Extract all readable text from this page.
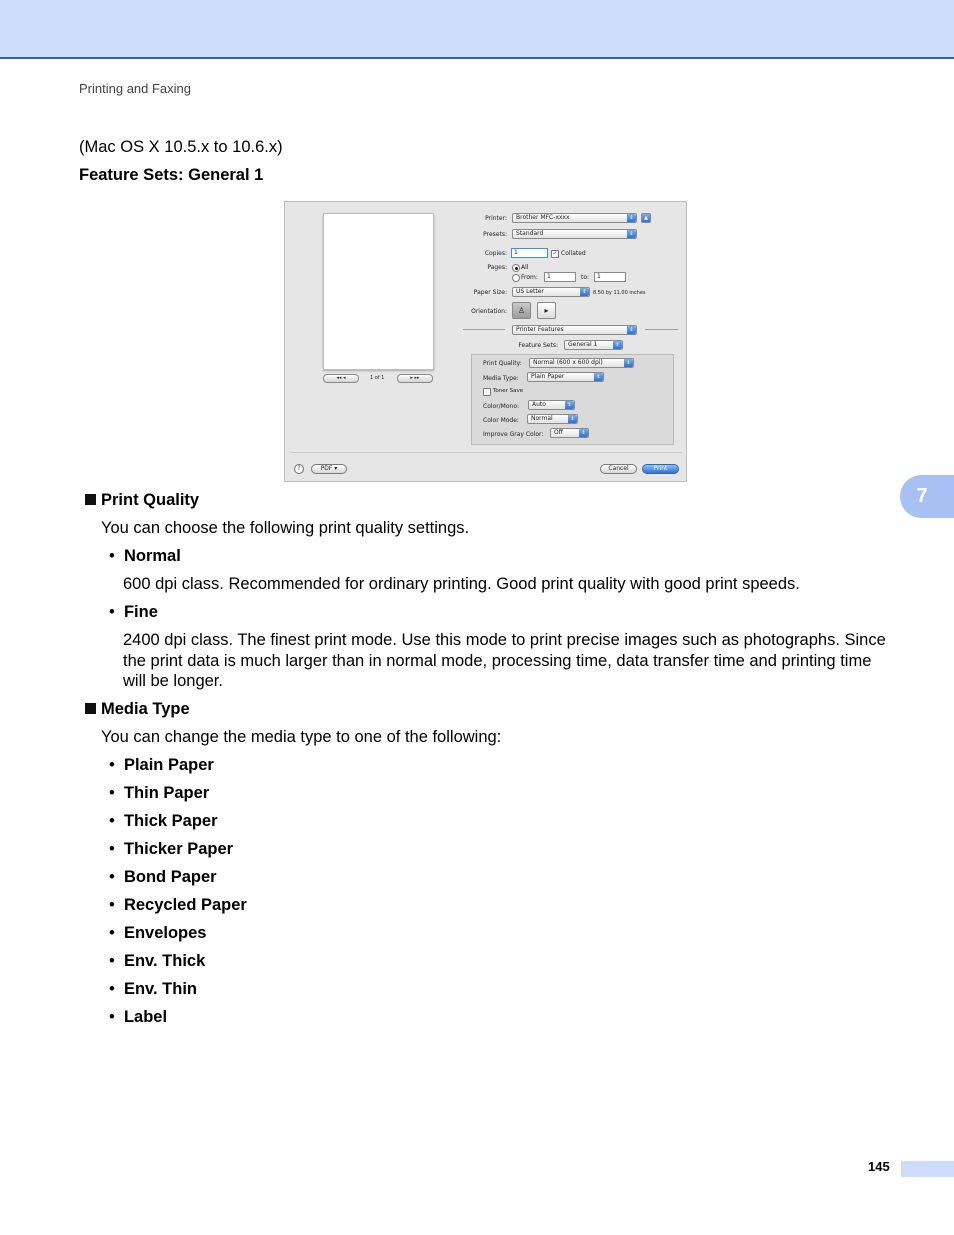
Printing and Faxing
(Mac OS X 10.5.x to 10.6.x)
Feature Sets: General 1
◂◂ ◂	1 of 1	▸ ▸▸
Printer:	Brother MFC-xxxx	⇕	▲
Presets:	Standard	⇕
Copies:	1	✓ Collated
Pages: All
From:	1	to:	1
Paper Size:	US Letter	⇕	8.50 by 11.00 inches
Orientation:	♙	▸
Printer Features	⇕
Feature Sets:	General 1	⇕
Print Quality:	Normal (600 x 600 dpi)	⇕
Media Type:	Plain Paper	⇕
Toner Save
Color/Mono:	Auto	⇕
Color Mode:	Normal	⇕
Improve Gray Color:	Off	⇕
?	PDF ▾	Cancel	Print
Print Quality
You can choose the following print quality settings.
•  Normal
600 dpi class. Recommended for ordinary printing. Good print quality with good print speeds.
•  Fine
2400 dpi class. The finest print mode. Use this mode to print precise images such as photographs. Since the print data is much larger than in normal mode, processing time, data transfer time and printing time will be longer.
Media Type
You can change the media type to one of the following:
•  Plain Paper
•  Thin Paper
•  Thick Paper
•  Thicker Paper
•  Bond Paper
•  Recycled Paper
•  Envelopes
•  Env. Thick
•  Env. Thin
•  Label
7
145
